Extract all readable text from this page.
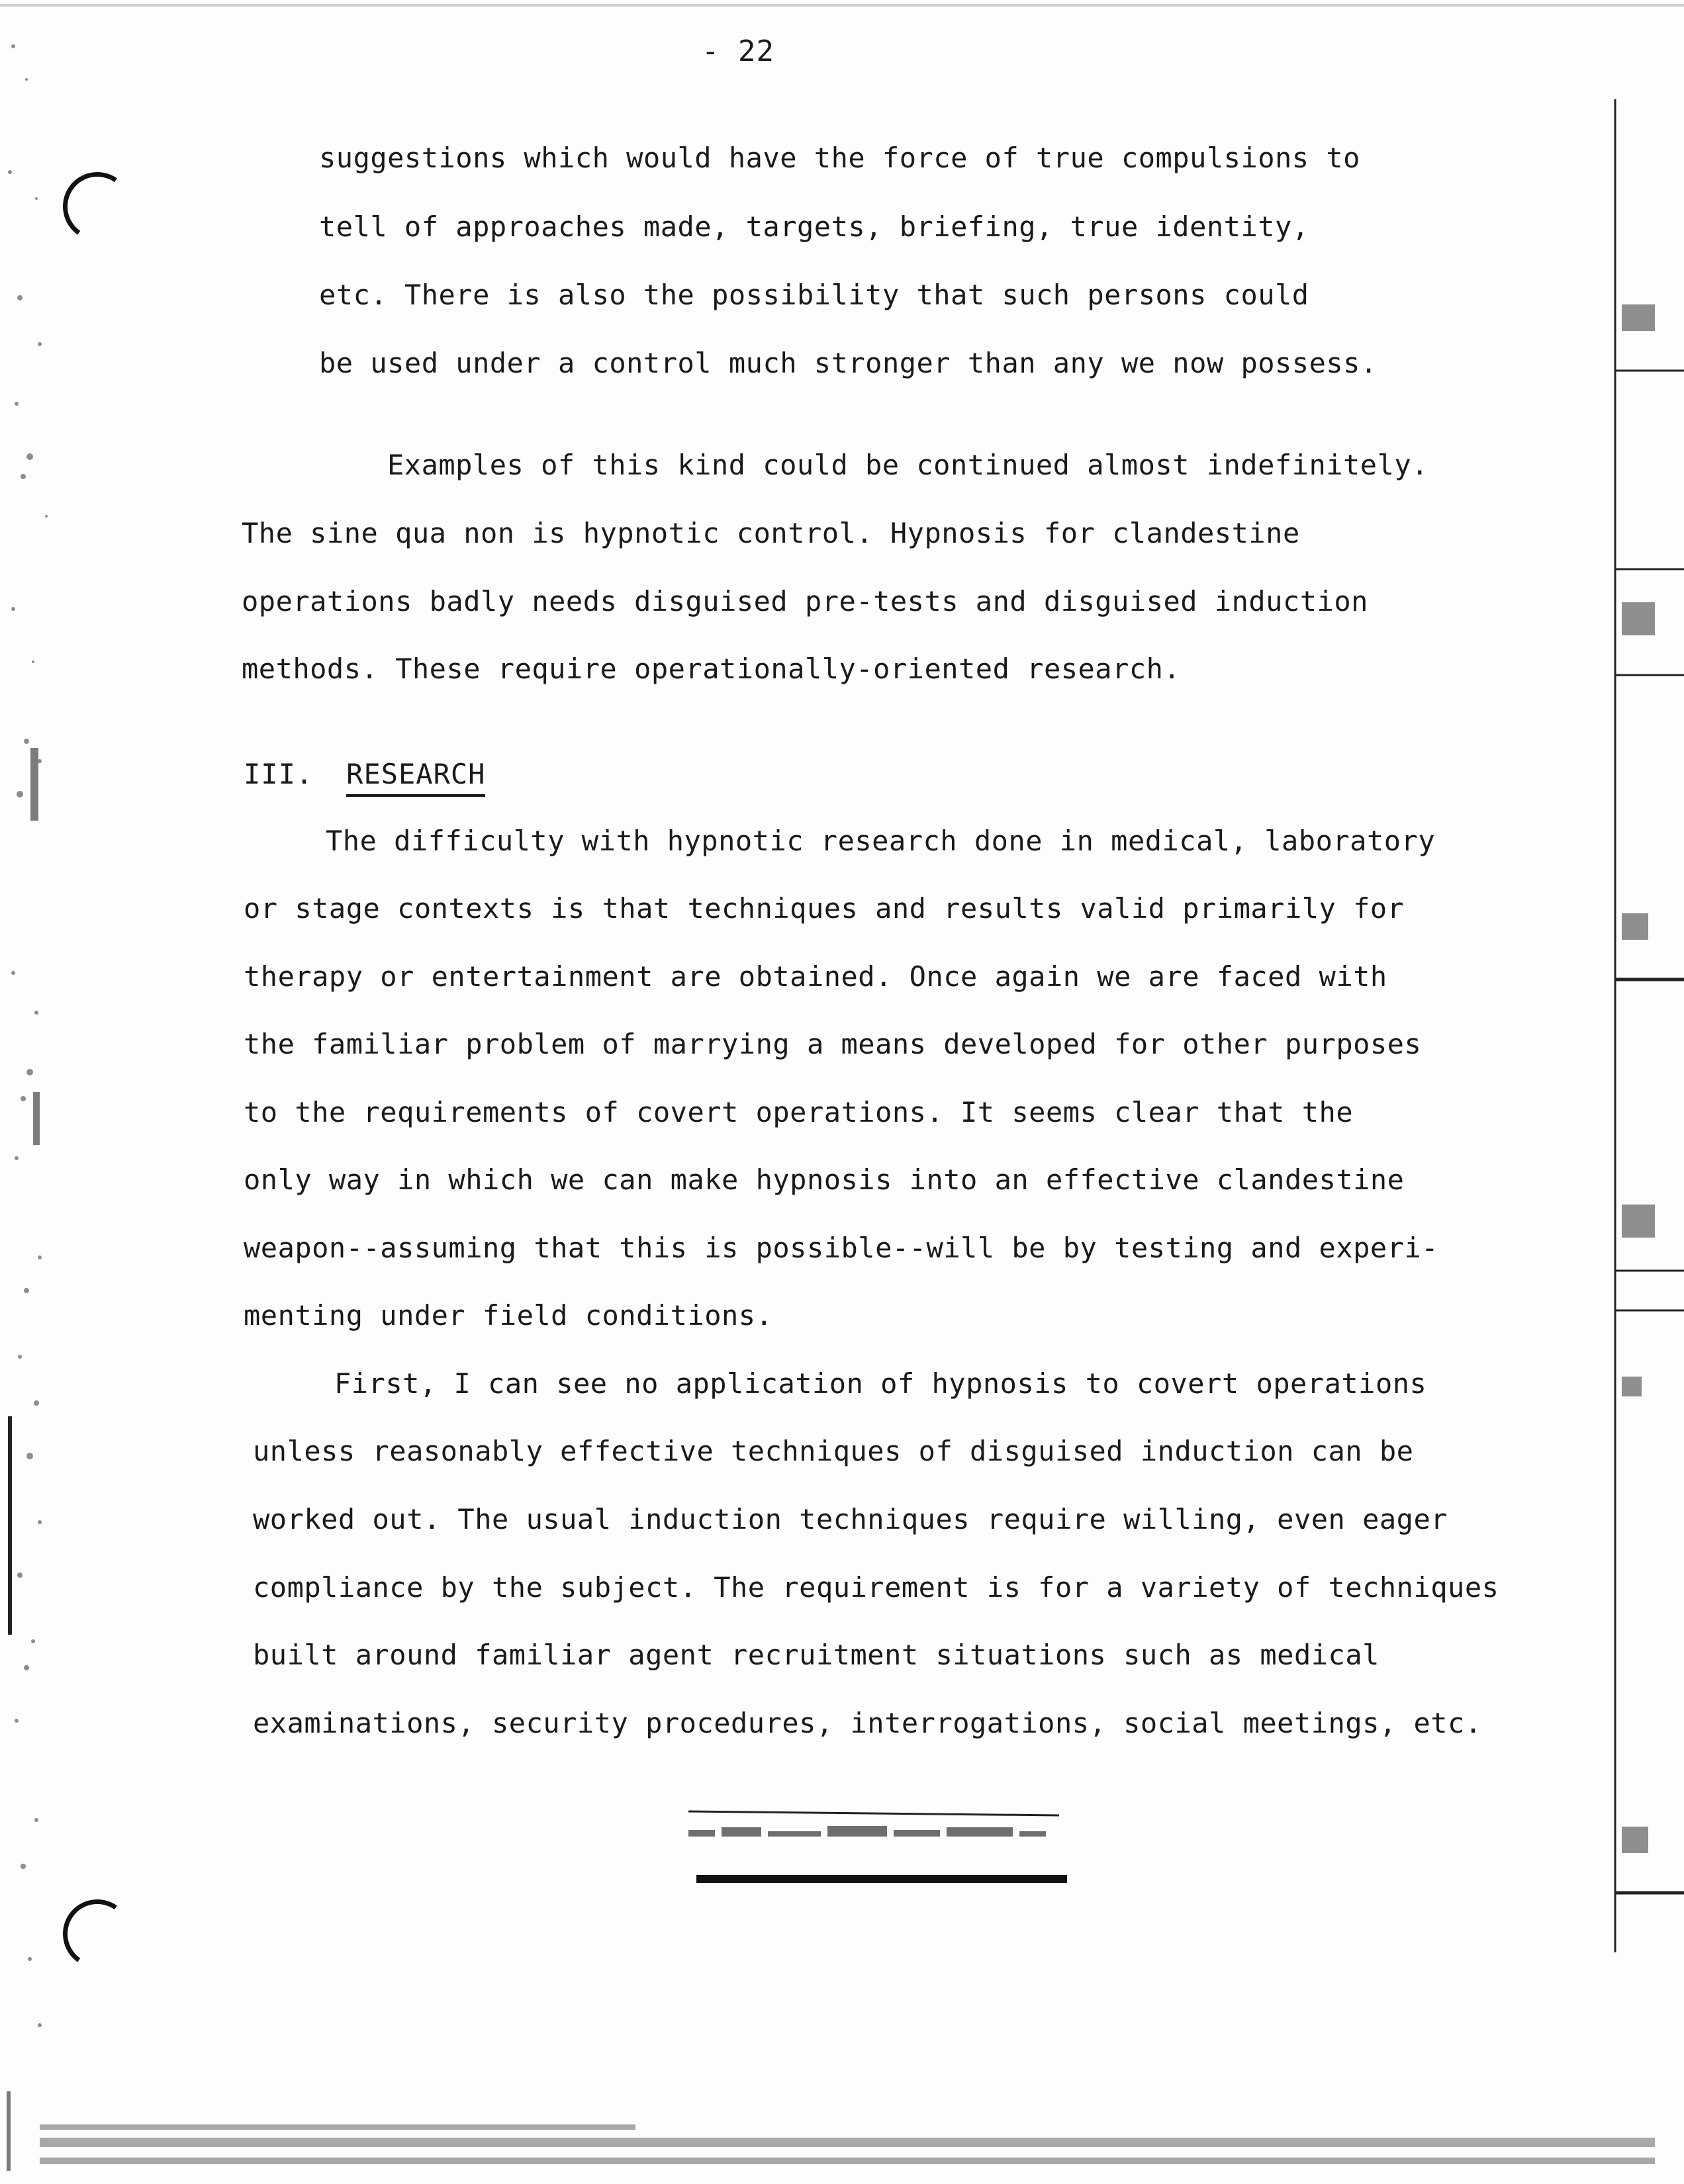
- 22
suggestions which would have the force of true compulsions to
tell of approaches made, targets, briefing, true identity,
etc. There is also the possibility that such persons could
be used under a control much stronger than any we now possess.
Examples of this kind could be continued almost indefinitely.
The sine qua non is hypnotic control. Hypnosis for clandestine
operations badly needs disguised pre-tests and disguised induction
methods. These require operationally-oriented research.
III. RESEARCH
The difficulty with hypnotic research done in medical, laboratory
or stage contexts is that techniques and results valid primarily for
therapy or entertainment are obtained. Once again we are faced with
the familiar problem of marrying a means developed for other purposes
to the requirements of covert operations. It seems clear that the
only way in which we can make hypnosis into an effective clandestine
weapon--assuming that this is possible--will be by testing and experi-
menting under field conditions.
First, I can see no application of hypnosis to covert operations
unless reasonably effective techniques of disguised induction can be
worked out. The usual induction techniques require willing, even eager
compliance by the subject. The requirement is for a variety of techniques
built around familiar agent recruitment situations such as medical
examinations, security procedures, interrogations, social meetings, etc.
